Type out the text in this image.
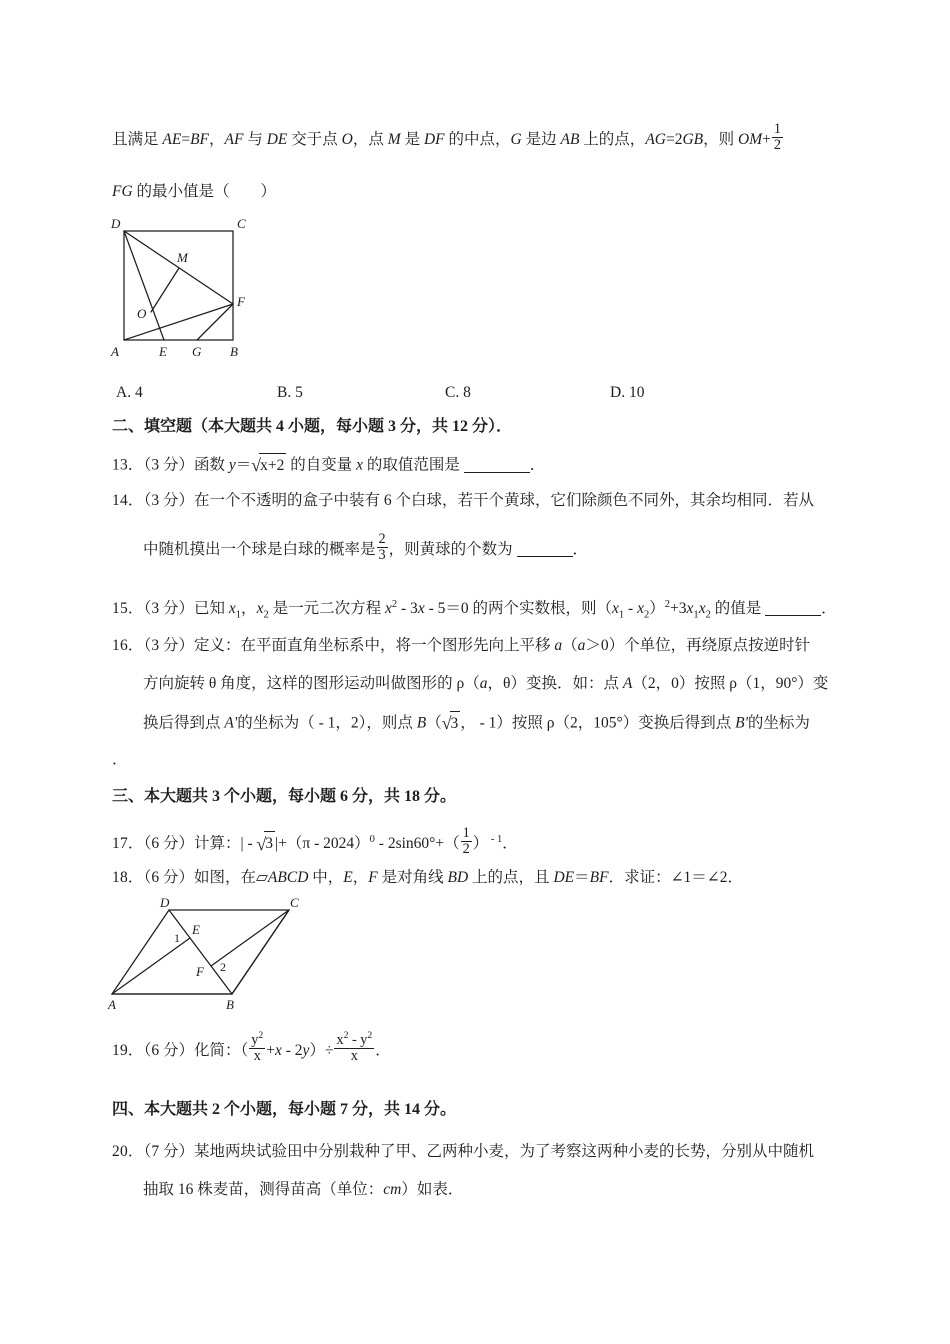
且满足 AE=BF，AF 与 DE 交于点 O，点 M 是 DF 的中点，G 是边 AB 上的点，AG=2GB，则 $OM+ \frac{1}{2}$
FG 的最小值是（　　）
D	C
A	B
E G
F
M
O
A. 4	B. 5	C. 8	D. 10
二、填空题（本大题共 4 小题，每小题 3 分，共 12 分）．
13．（3 分）函数 y＝√x+2 的自变量 x 的取值范围是	．
14．（3 分）在一个不透明的盒子中装有 6 个白球，若干个黄球，它们除颜色不同外，其余均相同．若从
中随机摸出一个球是白球的概率是 $\frac{2}{3}$ ，则黄球的个数为	．
15．（3 分）已知 $x_1$，$x_2$ 是一元二次方程 $x^2 - 3x - 5=0$ 的两个实数根，则$(x_1 - x_2)^2+3x_1x_2$ 的值是	．
16．（3 分）定义：在平面直角坐标系中，将一个图形先向上平移 a（a＞0）个单位，再绕原点按逆时针
方向旋转 θ 角度，这样的图形运动叫做图形的 ρ（a，θ）变换．如：点 A（2，0）按照 ρ（1，90°）变
换后得到点 A'的坐标为（ - 1，2），则点 B（√3 ， - 1）按照 ρ（2，105°）变换后得到点 B'的坐标为
．
三、本大题共 3 个小题，每小题 6 分，共 18 分。
17．（6 分）计算：| - √3 $|+(\pi - 2024)^0 - 2\sin 60^\circ+( \frac{1}{2}$ ） $^{- 1}$．
18．（6 分）如图，在▱ABCD 中，E，F 是对角线 BD 上的点，且 DE＝BF．求证：∠1＝∠2．
D	C
A	B
E
F
1
2
19．（6 分）化简：（ $\frac{y^2}{x} +x - 2y)\div \frac{x^2 - y^2}{x}$ ．
四、本大题共 2 个小题，每小题 7 分，共 14 分。
20．（7 分）某地两块试验田中分别栽种了甲、乙两种小麦，为了考察这两种小麦的长势，分别从中随机
抽取 16 株麦苗，测得苗高（单位：cm）如表．
